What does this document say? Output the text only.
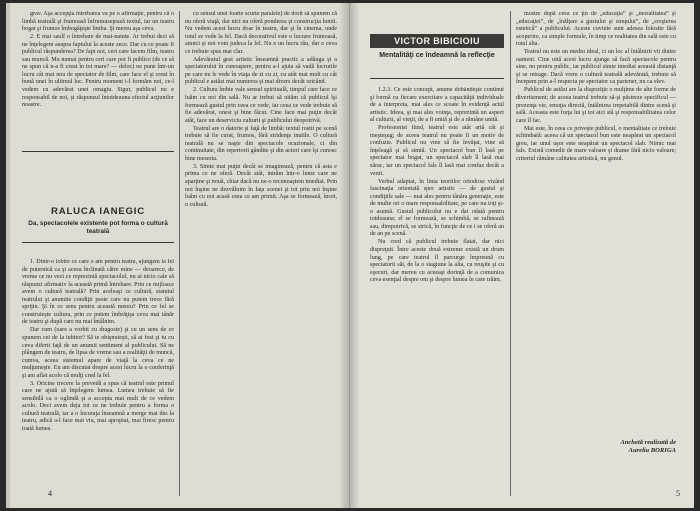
grav. Aşa accepţia întrebarea va pe o afirmaţie, pentru că o limbă teatrală şi frumoasă înfrumuseţează textul, iar un teatru bogat şi frumos îmbogăţeşte limba. Şi mereu aşa ceva.

2. E mai saulf o întrebare de mai-nainte. Ar trebui deci să ne înţelegem asupra faptului la aceste zece. Dar cu ce poate fi publicul răspunderea? De fapt noi, ceri care facem film, teatru sau muncă. Mu numai pentru ceri care pot fi publice (de ce să ne spun că n-a fi creat în tot mare? — deloc) ne pune într-un lucru cât mai nou de spectator de film, care face el şi creat în bună unei în ultimul loc. Pentru moment i-l formăm noi, ce-l vedem cu adevărat unei omagiu. Sigur, publicul nu e responsabil de noi, şi răspunsul întotdeauna efectul acţiunilor noastre.

RALUCA IANEGIC
Da, spectacolele existente pot forma o cultură teatrală

1. Dintr-o lobire ce care o am pentru teatru, ajungem la fel de puternică ca şi aceea înclinată către mine — deoarece, de vreme ce nu vezi ce reprezintă spectacolul, nu ai nicio cale să răspunzi afirmativ la această primă întrebare. Prin ce mijloace avem o cultură teatrală? Prin aceleaşi ce cultură, statutul teatrului şi anumite condiţii peste care nu putem trece fără sprijin. Şi în ce sens pentru această mereu? Prin ce fel se construieşte cultura, prin ce putem îmbrăţişa ceva mai tânăr de teatru şi după care nu mai întâlnim.

Dar cum (oare a vorbit cu dragoste) şi cu un sens de ce spunem cei de la iubitor? Să te obişnuieşti, să ai fost şi tu cu ceva diferit faţă de un anumit sentiment al publicului. Să ne plângem de teatru, de lipsa de vreme sau a realităţii de muncă, cumva, aceea sistemul apare de viaţă la ceva ce ne mulţumeşte. Eu am discutat despre acest lucru la o conferinţă şi am aflat acolo că mulţi cred la fel.

3. Oricine trecere la prevedă a spus că teatrul este primul care ne ajută să înţelegem lumea. Lumea trebuie să fie sensibilă ca o oglindă şi a accepta mai mult de ce vedem acolo. Deci avem deja tot ce ne trebuie pentru a forma o cultură teatrală, iar a o încuraja înseamnă a merge mai des la teatru, adică a-l face mai viu, mai apropiat, mai firesc pentru toată lumea.

cu sensul unei foarte scurte paralele) de dorit să spunem că nu oferă viaţă, dar nici nu oferă ponderea şi construcţia lumii. Nu vedem acest lucru doar în teatru, dar şi în cinema, unde totul se vede la fel. Dacă decorativul este o lucrare frumoasă, atunci şi noi vom judeca la fel. Nu e un lucru rău, dar e ceva ce trebuie spus mai clar.

Adevăratul gest artistic înseamnă practic a adăuga şi a spectatorului în cunoaştere, pentru a-l ajuta să vadă lucrurile pe care nu le vede în viaţa de zi cu zi, cu atât mai mult cu cât publicul e astăzi mai numeros şi mai divers decât oricând.

2. Cultura îmbie vale sensul spirituală, timpul care face ce luăm cu noi din sală. Nu ar trebui să uităm că publicul îşi formează gustul prin ceea ce vede, iar ceea ce vede trebuie să fie adevărat, onest şi bine făcut. Cine face mai puţin decât atât, face un deserviciu culturii şi publicului deopotrivă.

Teatrul are o datorie şi faţă de limbă: textul rostit pe scenă trebuie să fie curat, frumos, fără stridenţe inutile. O cultură teatrală nu se naşte din spectacole ocazionale, ci din continuitate, din repertorii gândite şi din actori care îşi cunosc bine meseria.

3. Simte mai puţin decât se imaginează, pentru că asta e prima ce ne oferă. Decât atât, intrăm într-o lume care ne aparţine şi nouă, chiar dacă nu ne-o recunoaştem imediat. Prin noi înşine ne dezvăluim în faţa scenei şi tot prin noi înşine luăm cu noi acasă ceea ce am primit. Aşa se formează, încet, o cultură.

4
VICTOR BIBICIOIU
Mentalităţi ce îndeamnă la reflecţie

1.2.3. Ce este concept, anume dobândeşte continut şi formă cu fiecare exercitare a capacităţii individuale de a interpreta, mai ales ce scoate în evidenţă actul artistic. Ideea, şi mai ales voinţa, reprezintă un aspect al culturii, al vieţii, de a fi unită şi de a rămâne unită.

Profesionist fiind, teatrul este atât artă cât şi meşteşug; de aceea teatrul nu poate fi un motiv de confuzie. Publicul nu vine să fie învăţat, vine să înţeleagă şi să simtă. Un spectacol bun îl lasă pe spectator mai bogat, un spectacol slab îl lasă mai sărac, iar un spectacol fals îl lasă mai confuz decât a venit.

Verbul adaptat, în linia teoriilor ortodoxe vizând fascinaţia orientată spre artistic — de gustul şi condiţiile sale — mai ales pentru tânăra generaţie, este de multe ori o mare responsabilitate, pe care nu toţi şi-o asumă. Gustul publicului nu e dat odată pentru totdeauna; el se formează, se schimbă, se rafinează sau, dimpotrivă, se strică, în funcţie de ce i se oferă an de an pe scenă.

Nu cred că publicul trebuie flatat, dar nici dispreţuit. Între aceste două extreme există un drum lung, pe care teatrul îl parcurge împreună cu spectatorii săi, de la o stagiune la alta, cu reuşite şi cu eşecuri, dar mereu cu aceeaşi dorinţă de a comunica ceva esenţial despre om şi despre lumea în care trăim.

mostre după ceea ce ţin de „educaţia” şi „moralitatea” şi „educaţiei”, de „înălţare a gustului şi simţului”, de „creşterea estetică” a publicului. Aceste cuvinte sunt adesea folosite fără acoperire, ca simple formule, în timp ce realitatea din sală este cu totul alta.

Teatrul nu este un mediu ideal, ci un loc al întâlnirii vii dintre oameni. Cine uită acest lucru ajunge să facă spectacole pentru sine, nu pentru public, iar publicul simte imediat această distanţă şi se retrage. Dacă vrem o cultură teatrală adevărată, trebuie să începem prin a-l respecta pe spectator ca partener, nu ca elev.

Publicul de astăzi are la dispoziţie o mulţime de alte forme de divertisment; de aceea teatrul trebuie să-şi păstreze specificul — prezenţa vie, emoţia directă, întâlnirea irepetabilă dintre scenă şi sală. Aceasta este forţa lui şi tot aici stă şi responsabilitatea celor care îl fac.

Mai este, în ceea ce priveşte publicul, o mentalitate ce trebuie schimbată: aceea că un spectacol bun este neapărat un spectacol greu, iar unul uşor este neapărat un spectacol slab. Nimic mai fals. Există comedii de mare valoare şi drame fără nicio valoare; criteriul rămâne calitatea artistică, nu genul.

Anchetă realizată de
Aurelia BORIGA
5
